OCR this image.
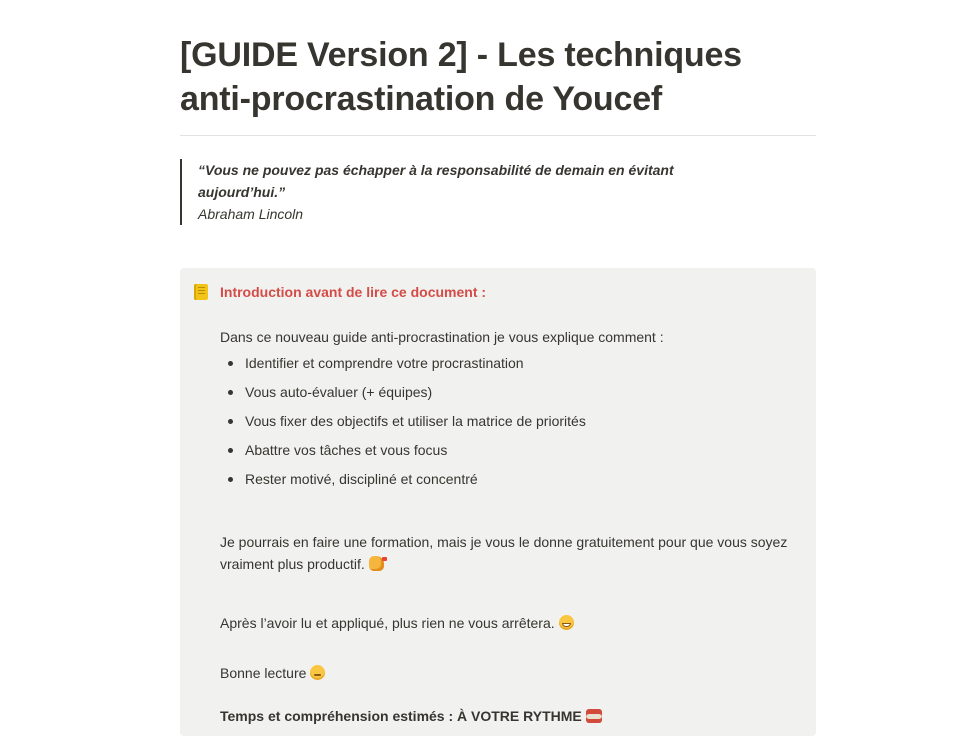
[GUIDE Version 2] - Les techniques
anti-procrastination de Youcef
“Vous ne pouvez pas échapper à la responsabilité de demain en évitant aujourd’hui.”
Abraham Lincoln
Introduction avant de lire ce document :

Dans ce nouveau guide anti-procrastination je vous explique comment :

Identifier et comprendre votre procrastination
Vous auto-évaluer (+ équipes)
Vous fixer des objectifs et utiliser la matrice de priorités
Abattre vos tâches et vous focus
Rester motivé, discipliné et concentré

Je pourrais en faire une formation, mais je vous le donne gratuitement pour que vous soyez vraiment plus productif.

Après l’avoir lu et appliqué, plus rien ne vous arrêtera.

Bonne lecture

Temps et compréhension estimés : À VOTRE RYTHME
